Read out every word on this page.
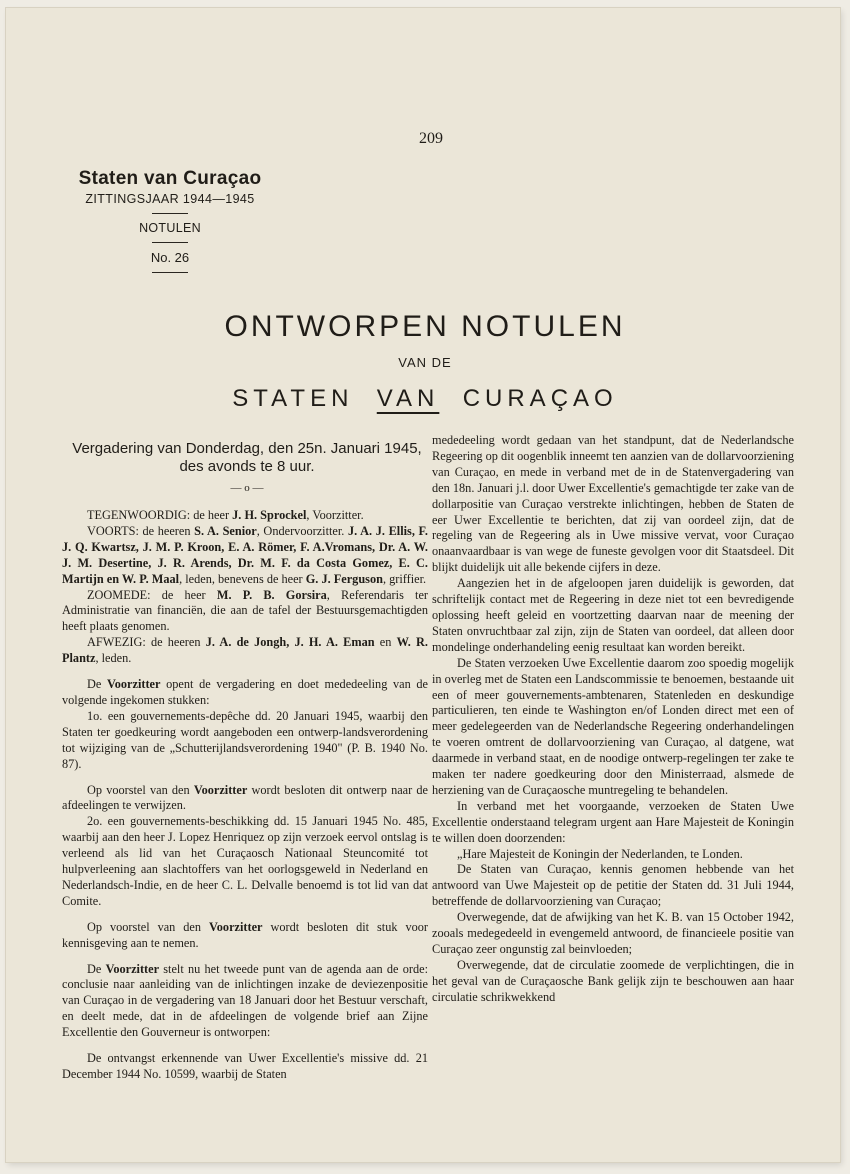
209
Staten van Curaçao
ZITTINGSJAAR 1944—1945
NOTULEN
No. 26
ONTWORPEN NOTULEN
VAN DE
STATEN VAN CURAÇAO
Vergadering van Donderdag, den 25n. Januari 1945,
des avonds te 8 uur.
— o —

TEGENWOORDIG: de heer J. H. Sprockel, Voorzitter.

VOORTS: de heeren S. A. Senior, Ondervoorzitter. J. A. J. Ellis, F. J. Q. Kwartsz, J. M. P. Kroon, E. A. Römer, F. A.Vromans, Dr. A. W. J. M. Desertine, J. R. Arends, Dr. M. F. da Costa Gomez, E. C. Martijn en W. P. Maal, leden, benevens de heer G. J. Ferguson, griffier.

ZOOMEDE: de heer M. P. B. Gorsira, Referendaris ter Administratie van financiën, die aan de tafel der Bestuursgemachtigden heeft plaats genomen.

AFWEZIG: de heeren J. A. de Jongh, J. H. A. Eman en W. R. Plantz, leden.

De Voorzitter opent de vergadering en doet mededeeling van de volgende ingekomen stukken:

1o. een gouvernements-depêche dd. 20 Januari 1945, waarbij den Staten ter goedkeuring wordt aangeboden een ontwerp-landsverordening tot wijziging van de „Schutterijlandsverordening 1940" (P. B. 1940 No. 87).

Op voorstel van den Voorzitter wordt besloten dit ontwerp naar de afdeelingen te verwijzen.

2o. een gouvernements-beschikking dd. 15 Januari 1945 No. 485, waarbij aan den heer J. Lopez Henriquez op zijn verzoek eervol ontslag is verleend als lid van het Curaçaosch Nationaal Steuncomité tot hulpverleening aan slachtoffers van het oorlogsgeweld in Nederland en Nederlandsch-Indie, en de heer C. L. Delvalle benoemd is tot lid van dat Comite.

Op voorstel van den Voorzitter wordt besloten dit stuk voor kennisgeving aan te nemen.

De Voorzitter stelt nu het tweede punt van de agenda aan de orde: conclusie naar aanleiding van de inlichtingen inzake de deviezenpositie van Curaçao in de vergadering van 18 Januari door het Bestuur verschaft, en deelt mede, dat in de afdeelingen de volgende brief aan Zijne Excellentie den Gouverneur is ontworpen:

De ontvangst erkennende van Uwer Excellentie's missive dd. 21 December 1944 No. 10599, waarbij de Staten

mededeeling wordt gedaan van het standpunt, dat de Nederlandsche Regeering op dit oogenblik inneemt ten aanzien van de dollarvoorziening van Curaçao, en mede in verband met de in de Statenvergadering van den 18n. Januari j.l. door Uwer Excellentie's gemachtigde ter zake van de dollarpositie van Curaçao verstrekte inlichtingen, hebben de Staten de eer Uwer Excellentie te berichten, dat zij van oordeel zijn, dat de regeling van de Regeering als in Uwe missive vervat, voor Curaçao onaanvaardbaar is van wege de funeste gevolgen voor dit Staatsdeel. Dit blijkt duidelijk uit alle bekende cijfers in deze.

Aangezien het in de afgeloopen jaren duidelijk is geworden, dat schriftelijk contact met de Regeering in deze niet tot een bevredigende oplossing heeft geleid en voortzetting daarvan naar de meening der Staten onvruchtbaar zal zijn, zijn de Staten van oordeel, dat alleen door mondelinge onderhandeling eenig resultaat kan worden bereikt.

De Staten verzoeken Uwe Excellentie daarom zoo spoedig mogelijk in overleg met de Staten een Landscommissie te benoemen, bestaande uit een of meer gouvernements-ambtenaren, Statenleden en deskundige particulieren, ten einde te Washington en/of Londen direct met een of meer gedelegeerden van de Nederlandsche Regeering onderhandelingen te voeren omtrent de dollarvoorziening van Curaçao, al datgene, wat daarmede in verband staat, en de noodige ontwerp-regelingen ter zake te maken ter nadere goedkeuring door den Ministerraad, alsmede de herziening van de Curaçaosche muntregeling te behandelen.

In verband met het voorgaande, verzoeken de Staten Uwe Excellentie onderstaand telegram urgent aan Hare Majesteit de Koningin te willen doen doorzenden:

„Hare Majesteit de Koningin der Nederlanden, te Londen.

De Staten van Curaçao, kennis genomen hebbende van het antwoord van Uwe Majesteit op de petitie der Staten dd. 31 Juli 1944, betreffende de dollarvoorziening van Curaçao;

Overwegende, dat de afwijking van het K. B. van 15 October 1942, zooals medegedeeld in evengemeld antwoord, de financieele positie van Curaçao zeer ongunstig zal beinvloeden;

Overwegende, dat de circulatie zoomede de verplichtingen, die in het geval van de Curaçaosche Bank gelijk zijn te beschouwen aan haar circulatie schrikwekkend
